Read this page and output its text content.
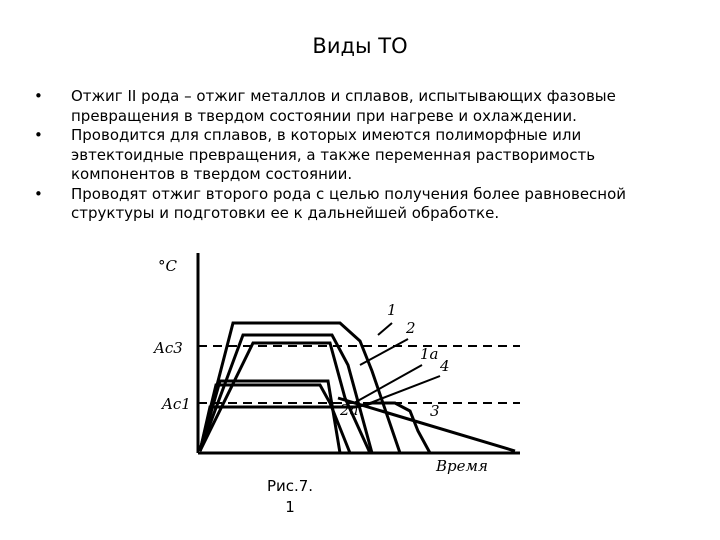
Виды ТО
• Отжиг II рода – отжиг металлов и сплавов, испытывающих фазовые превращения в твердом состоянии при нагреве и охлаждении.
• Проводится для сплавов, в которых имеются полиморфные или эвтектоидные превращения, а также переменная растворимость компонентов в твердом состоянии.
• Проводят отжиг второго рода с целью получения более равновесной структуры и подготовки ее к дальнейшей обработке.
°C
Ac3
Ac1
1
2
1a
4
2a	3
Время
Рис.7.
1
